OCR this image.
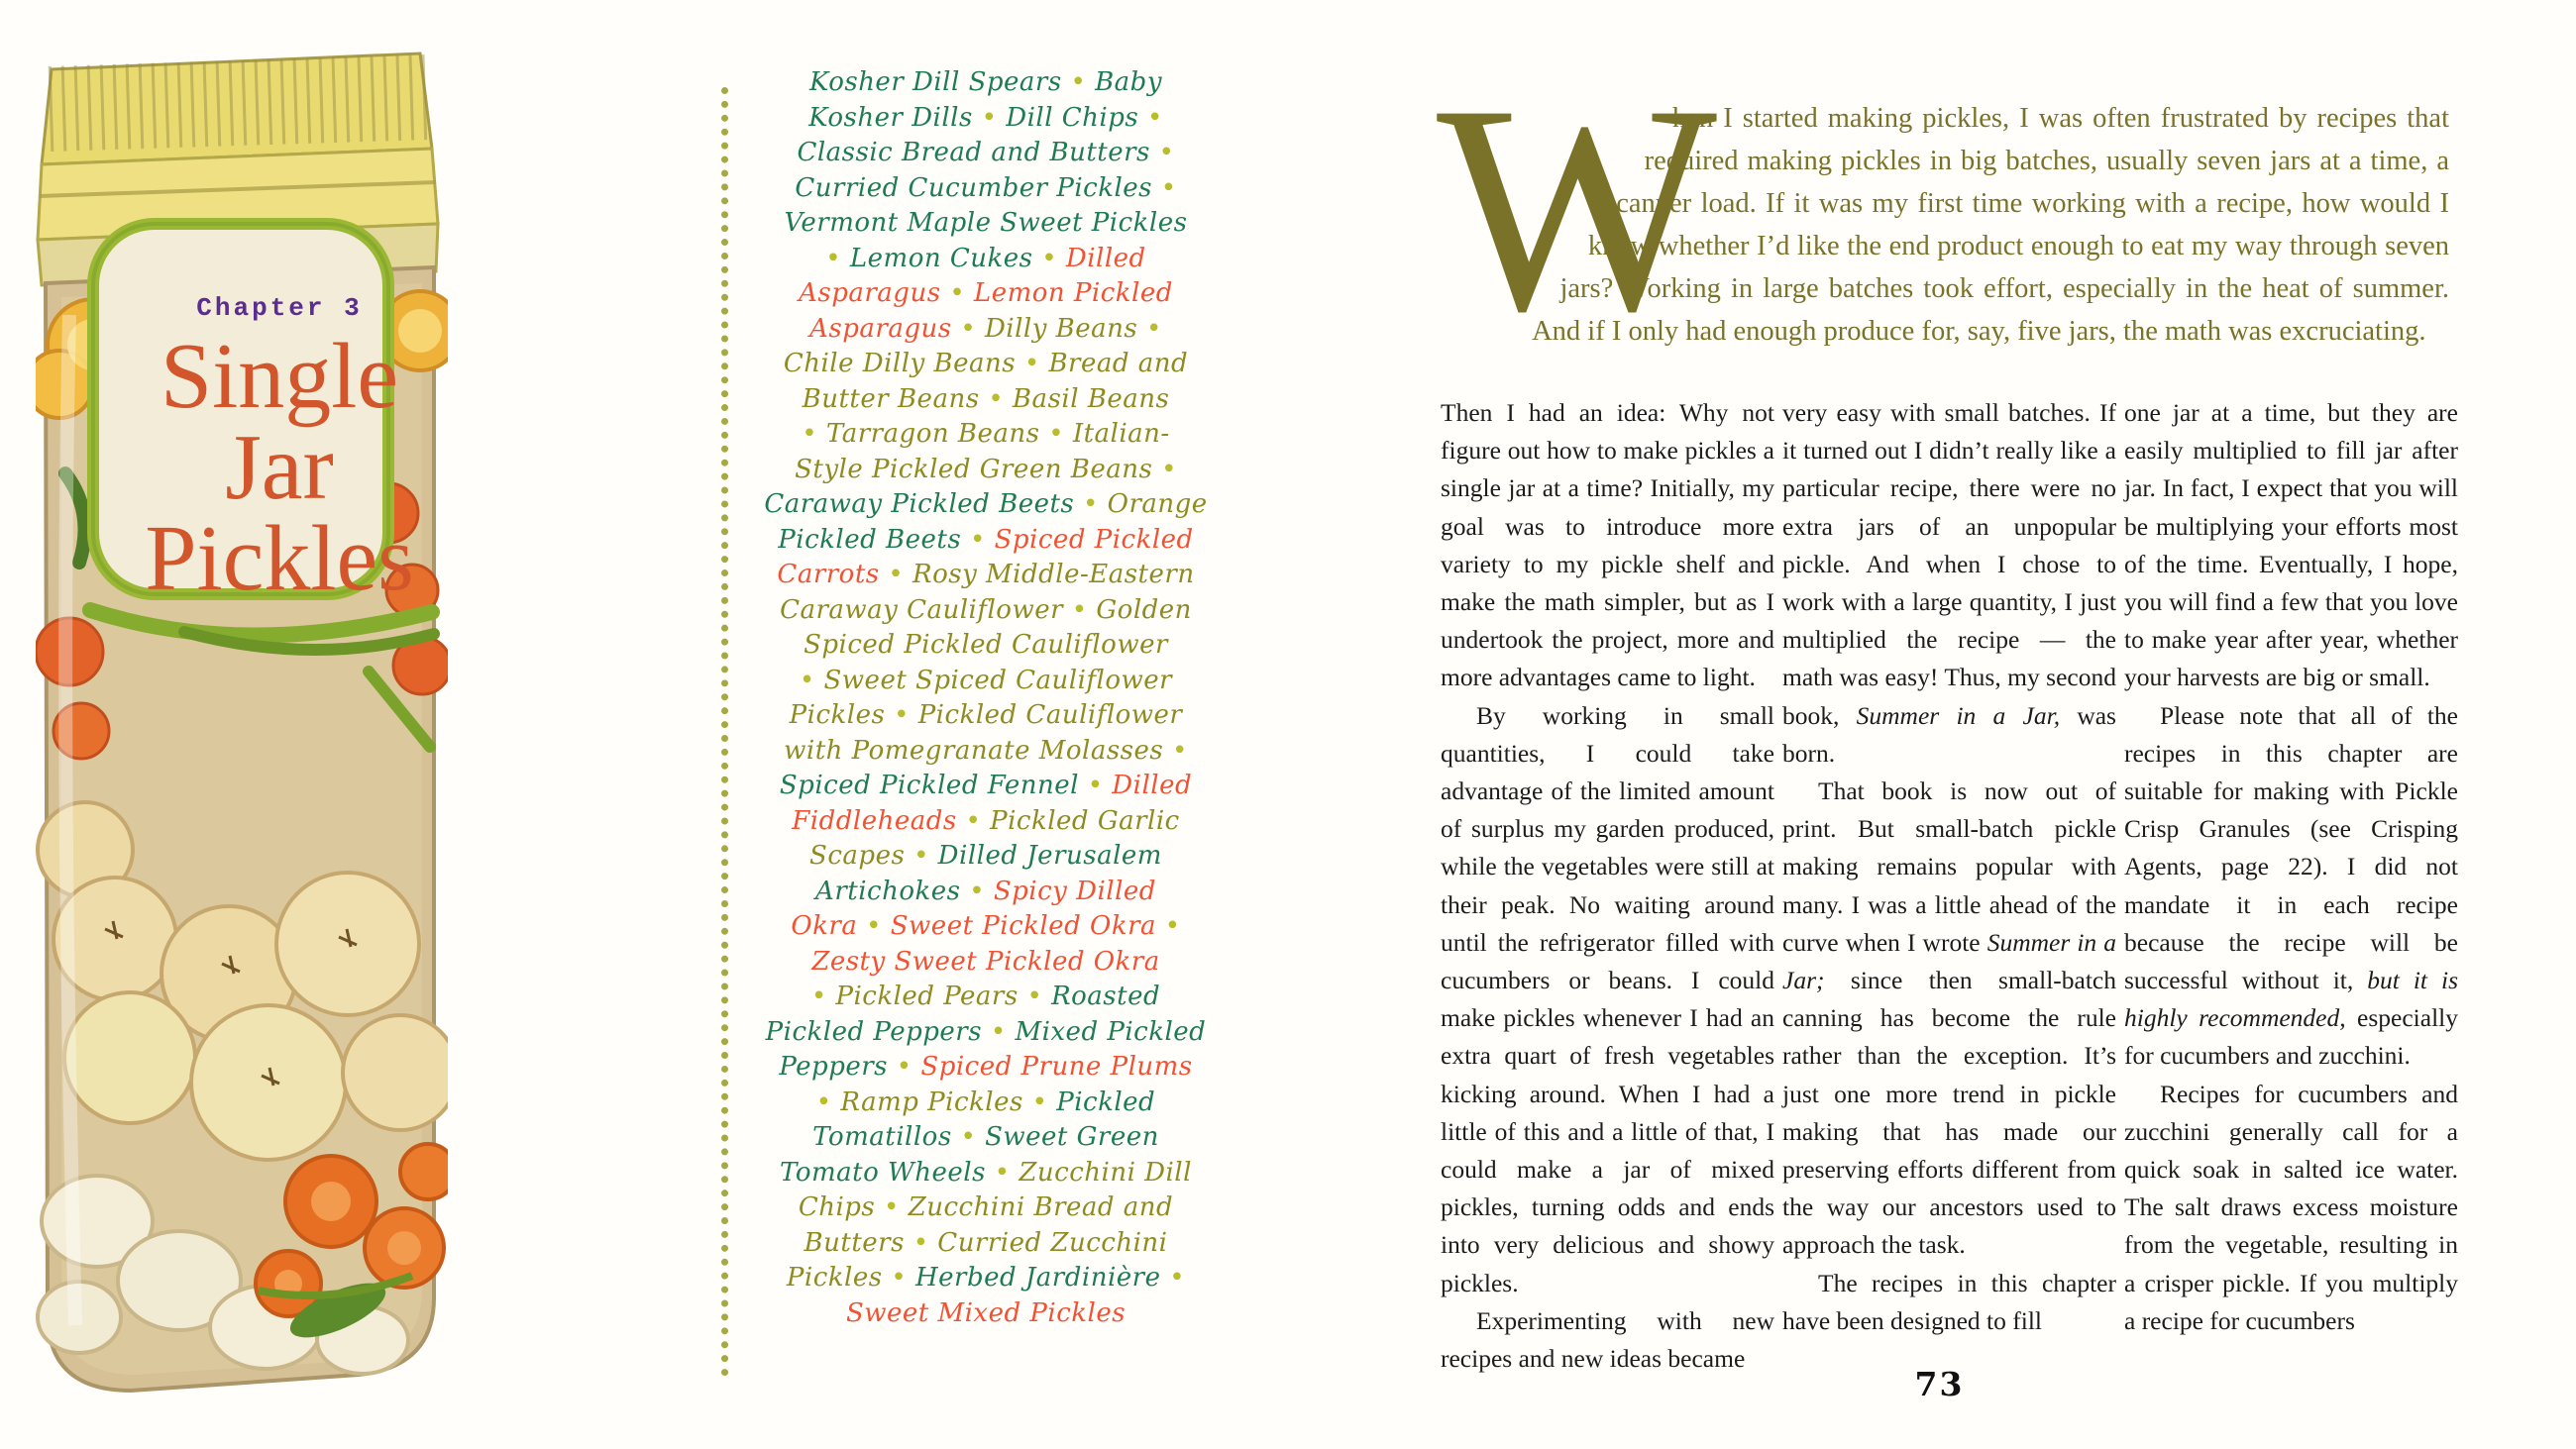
Chapter 3
Single
Jar
Pickles
Kosher Dill Spears • Baby
Kosher Dills • Dill Chips •
Classic Bread and Butters •
Curried Cucumber Pickles •
Vermont Maple Sweet Pickles
• Lemon Cukes • Dilled
Asparagus • Lemon Pickled
Asparagus • Dilly Beans •
Chile Dilly Beans • Bread and
Butter Beans • Basil Beans
• Tarragon Beans • Italian-
Style Pickled Green Beans •
Caraway Pickled Beets • Orange
Pickled Beets • Spiced Pickled
Carrots • Rosy Middle-Eastern
Caraway Cauliflower • Golden
Spiced Pickled Cauliflower
• Sweet Spiced Cauliflower
Pickles • Pickled Cauliflower
with Pomegranate Molasses •
Spiced Pickled Fennel • Dilled
Fiddleheads • Pickled Garlic
Scapes • Dilled Jerusalem
Artichokes • Spicy Dilled
Okra • Sweet Pickled Okra •
Zesty Sweet Pickled Okra
• Pickled Pears • Roasted
Pickled Peppers • Mixed Pickled
Peppers • Spiced Prune Plums
• Ramp Pickles • Pickled
Tomatillos • Sweet Green
Tomato Wheels • Zucchini Dill
Chips • Zucchini Bread and
Butters • Curried Zucchini
Pickles • Herbed Jardinière •
Sweet Mixed Pickles
W
hen I started making pickles, I was often frustrated by recipes that required making pickles in big batches, usually seven jars at a time, a canner load. If it was my first time working with a recipe, how would I know whether I’d like the end product enough to eat my way through seven jars? Working in large batches took effort, especially in the heat of summer. And if I only had enough produce for, say, five jars, the math was excruciating.

Then I had an idea: Why not figure out how to make pickles a single jar at a time? Initially, my goal was to introduce more variety to my pickle shelf and make the math simpler, but as I undertook the project, more and more advantages came to light.

By working in small quantities, I could take advantage of the limited amount of surplus my garden produced, while the vegetables were still at their peak. No waiting around until the refrigerator filled with cucumbers or beans. I could make pickles whenever I had an extra quart of fresh vegetables kicking around. When I had a little of this and a little of that, I could make a jar of mixed pickles, turning odds and ends into very delicious and showy pickles.

Experimenting with new recipes and new ideas became

very easy with small batches. If it turned out I didn’t really like a particular recipe, there were no extra jars of an unpopular pickle. And when I chose to work with a large quantity, I just multiplied the recipe — the math was easy! Thus, my second book, Summer in a Jar, was born.

That book is now out of print. But small-batch pickle making remains popular with many. I was a little ahead of the curve when I wrote Summer in a Jar; since then small-batch canning has become the rule rather than the exception. It’s just one more trend in pickle making that has made our preserving efforts different from the way our ancestors used to approach the task.

The recipes in this chapter have been designed to fill

one jar at a time, but they are easily multiplied to fill jar after jar. In fact, I expect that you will be multiplying your efforts most of the time. Eventually, I hope, you will find a few that you love to make year after year, whether your harvests are big or small.

Please note that all of the recipes in this chapter are suitable for making with Pickle Crisp Granules (see Crisping Agents, page 22). I did not mandate it in each recipe because the recipe will be successful without it, but it is highly recommended, especially for cucumbers and zucchini.

Recipes for cucumbers and zucchini generally call for a quick soak in salted ice water. The salt draws excess moisture from the vegetable, resulting in a crisper pickle. If you multiply a recipe for cucumbers

73
